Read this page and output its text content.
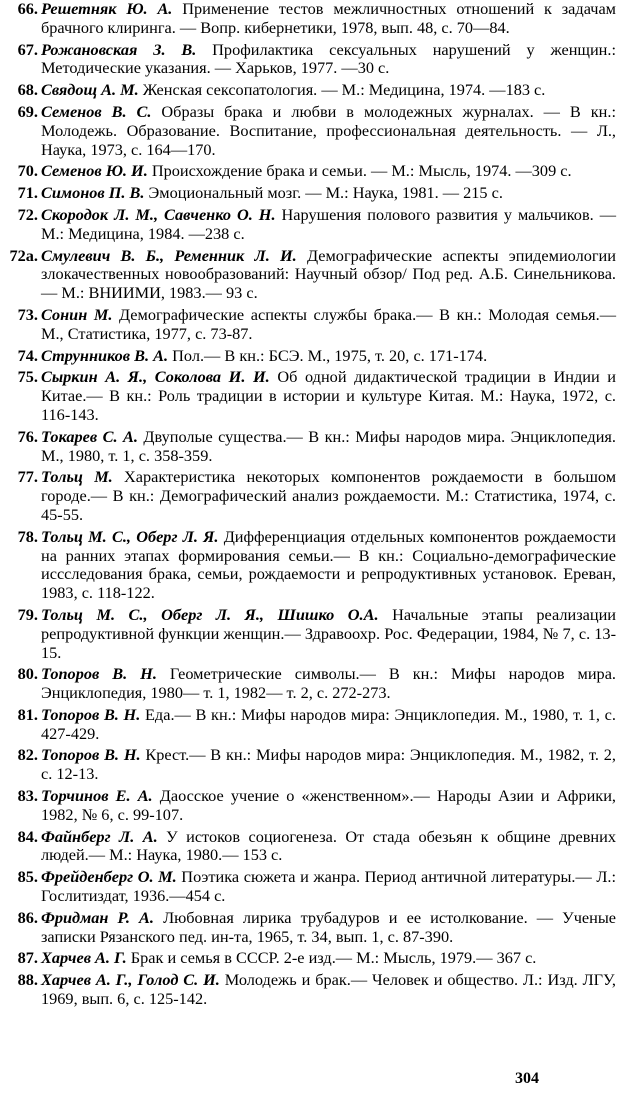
66. Решетняк Ю. А. Применение тестов межличностных отношений к задачам брачного клиринга. — Вопр. кибернетики, 1978, вып. 48, с. 70—84.

67. Рожановская З. В. Профилактика сексуальных нарушений у женщин.: Методические указания. — Харьков, 1977. —30 с.

68. Свядощ А. М. Женская сексопатология. — М.: Медицина, 1974. —183 с.

69. Семенов В. С. Образы брака и любви в молодежных журналах. — В кн.: Молодежь. Образование. Воспитание, профессиональная деятельность. — Л., Наука, 1973, с. 164—170.

70. Семенов Ю. И. Происхождение брака и семьи. — М.: Мысль, 1974. —309 с.

71. Симонов П. В. Эмоциональный мозг. — М.: Наука, 1981. — 215 с.

72. Скородок Л. М., Савченко О. Н. Нарушения полового развития у мальчиков. — М.: Медицина, 1984. —238 с.

72а. Смулевич В. Б., Ременник Л. И. Демографические аспекты эпидемиологии злокачественных новообразований: Научный обзор/ Под ред. А.Б. Синельникова.— М.: ВНИИМИ, 1983.— 93 с.

73. Сонин М. Демографические аспекты службы брака.— В кн.: Молодая семья.— М., Статистика, 1977, с. 73-87.

74. Струнников В. А. Пол.— В кн.: БСЭ. М., 1975, т. 20, с. 171-174.

75. Сыркин А. Я., Соколова И. И. Об одной дидактической традиции в Индии и Китае.— В кн.: Роль традиции в истории и культуре Китая. М.: Наука, 1972, с. 116-143.

76. Токарев С. А. Двуполые существа.— В кн.: Мифы народов мира. Энциклопедия. М., 1980, т. 1, с. 358-359.

77. Тольц М. Характеристика некоторых компонентов рождаемости в большом городе.— В кн.: Демографический анализ рождаемости. М.: Статистика, 1974, с. 45-55.

78. Тольц М. С., Оберг Л. Я. Дифференциация отдельных компонентов рождаемости на ранних этапах формирования семьи.— В кн.: Социально-демографические исcследования брака, семьи, рождаемости и репродуктивных установок. Ереван, 1983, с. 118-122.

79. Тольц М. С., Оберг Л. Я., Шишко О.А. Начальные этапы реализации репродуктивной функции женщин.— Здравоохр. Рос. Федерации, 1984, № 7, с. 13-15.

80. Топоров В. Н. Геометрические символы.— В кн.: Мифы народов мира. Энциклопедия, 1980— т. 1, 1982— т. 2, с. 272-273.

81. Топоров В. Н. Еда.— В кн.: Мифы народов мира: Энциклопедия. М., 1980, т. 1, с. 427-429.

82. Топоров В. Н. Крест.— В кн.: Мифы народов мира: Энциклопедия. М., 1982, т. 2, с. 12-13.

83. Торчинов Е. А. Даосское учение о «женственном».— Народы Азии и Африки, 1982, № 6, с. 99-107.

84. Файнберг Л. А. У истоков социогенеза. От стада обезьян к общине древних людей.— М.: Наука, 1980.— 153 с.

85. Фрейденберг О. М. Поэтика сюжета и жанра. Период античной литературы.— Л.: Гослитиздат, 1936.—454 с.

86. Фридман Р. А. Любовная лирика трубадуров и ее истолкование. — Ученые записки Рязанского пед. ин-та, 1965, т. 34, вып. 1, с. 87-390.

87. Харчев А. Г. Брак и семья в СССР. 2-е изд.— М.: Мысль, 1979.— 367 с.

88. Харчев А. Г., Голод С. И. Молодежь и брак.— Человек и общество. Л.: Изд. ЛГУ, 1969, вып. 6, с. 125-142.

304
